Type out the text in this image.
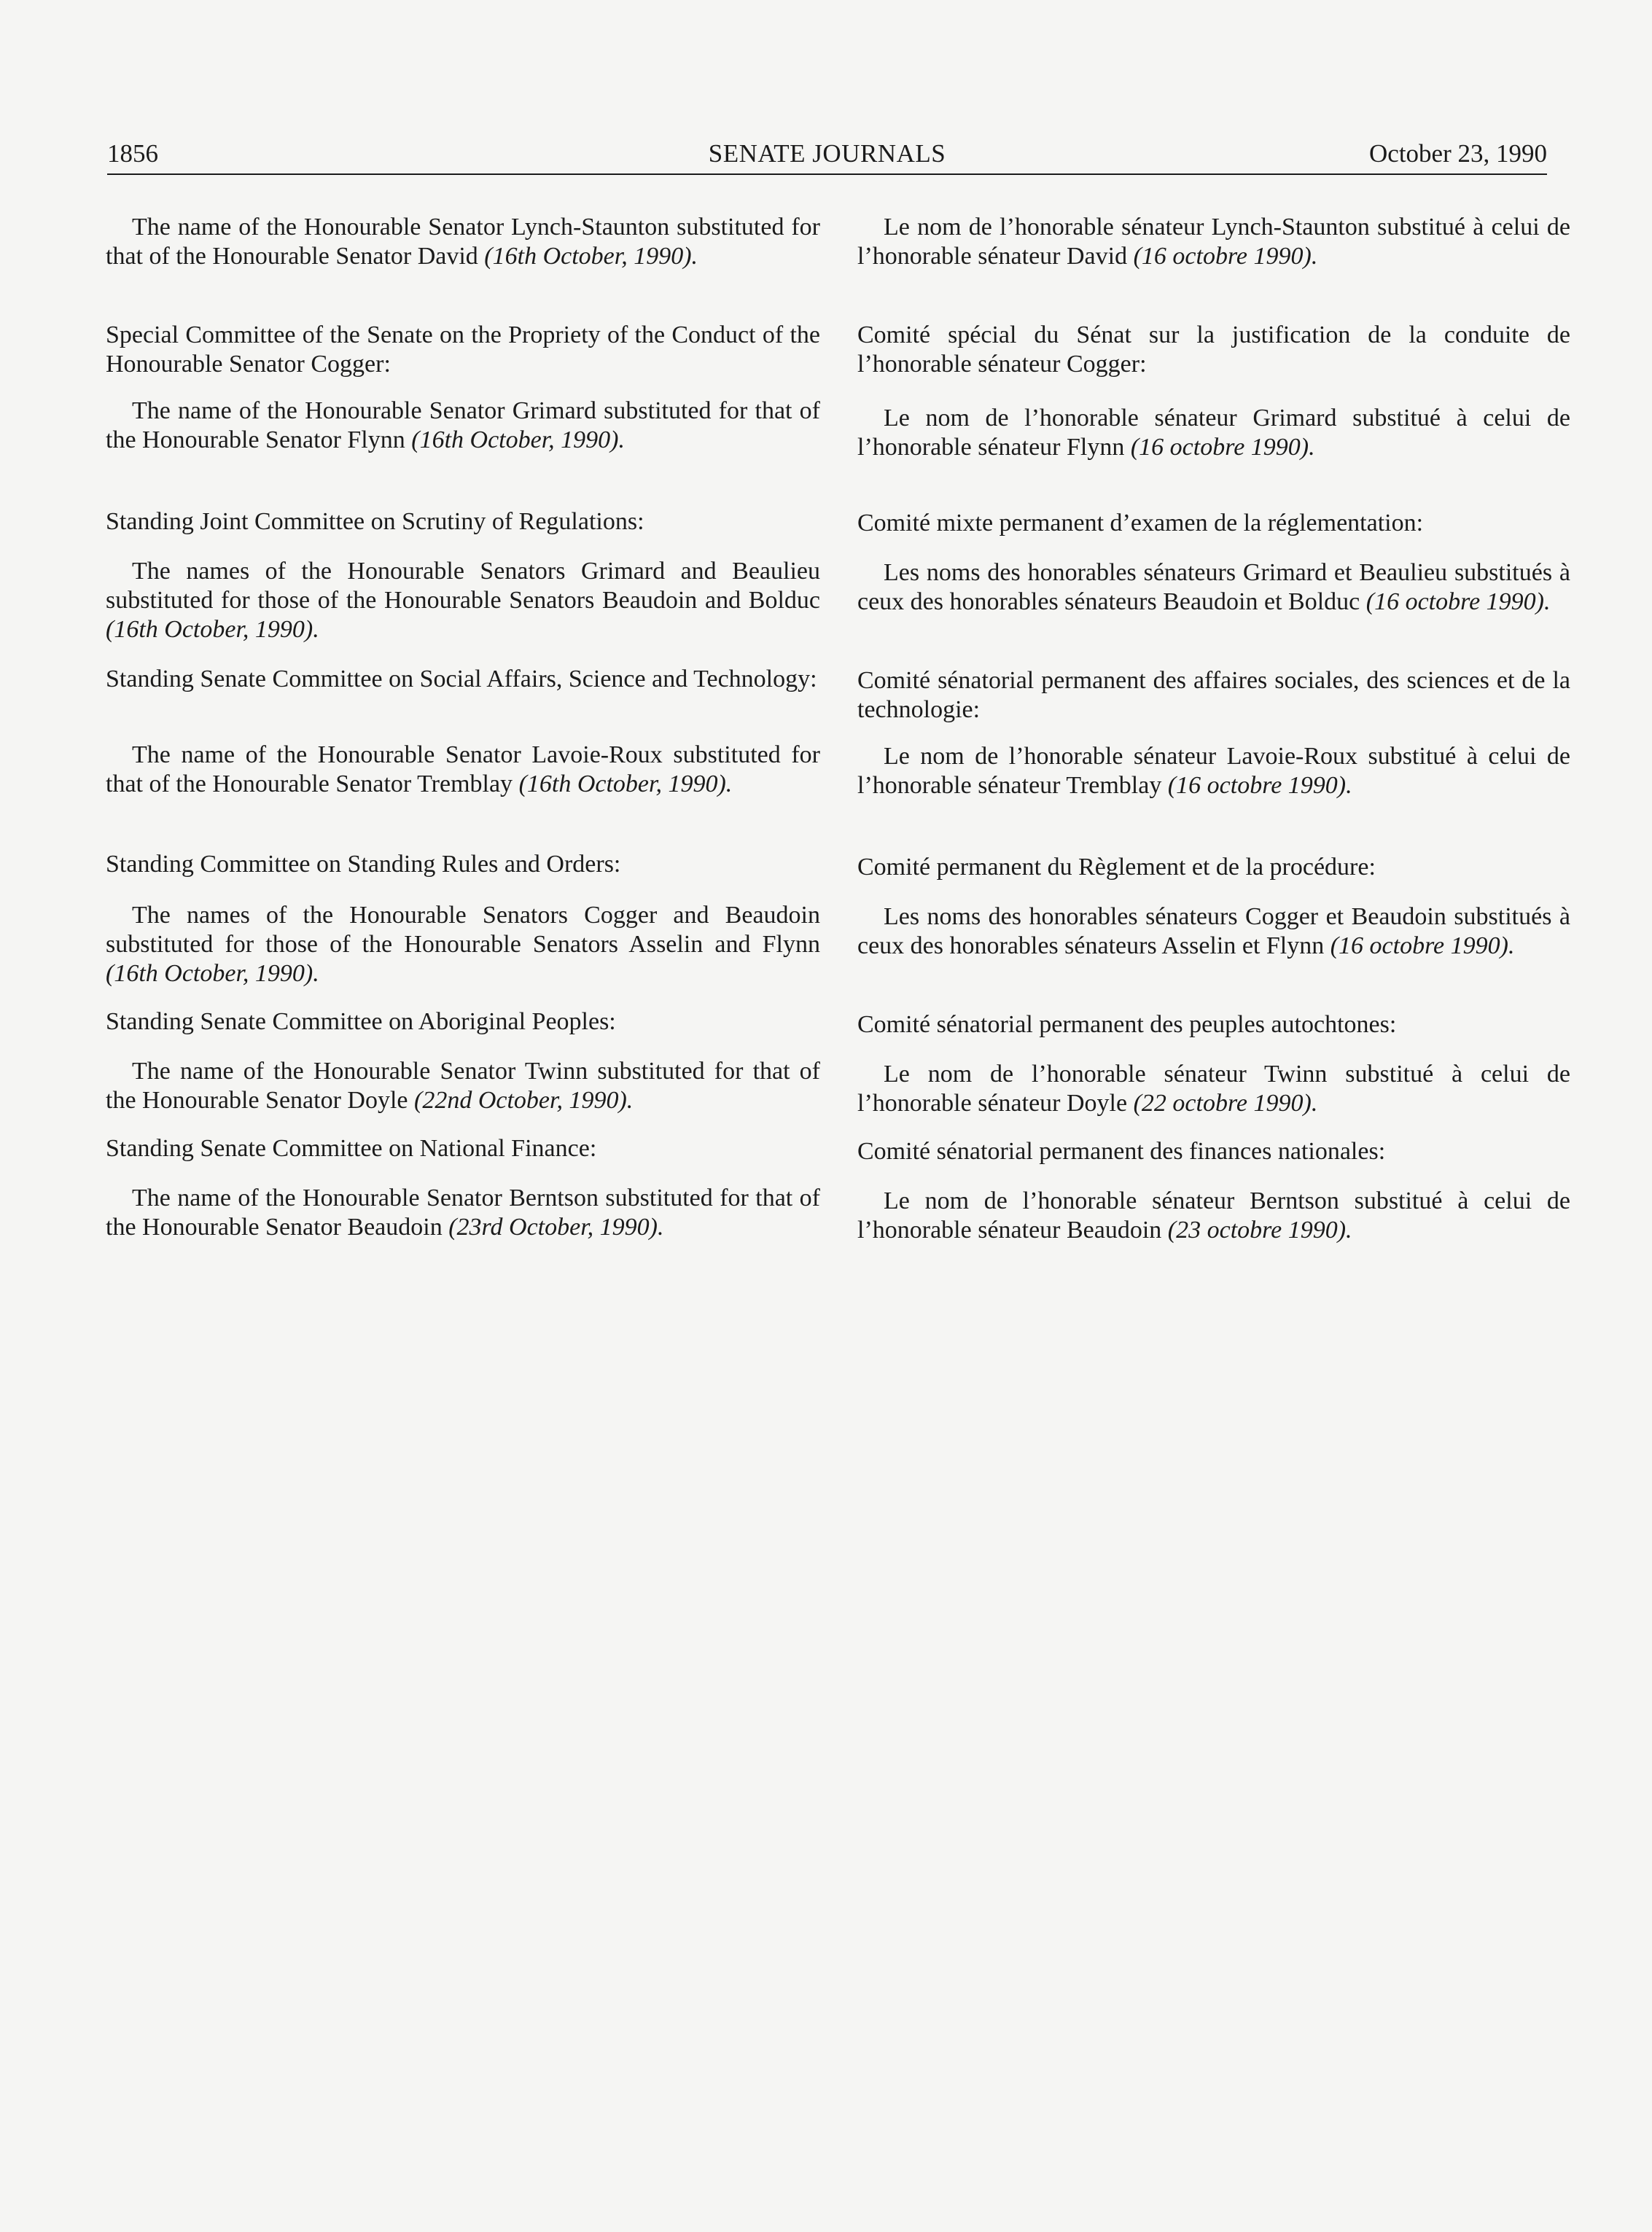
1856	SENATE JOURNALS	October 23, 1990

The name of the Honourable Senator Lynch-Staunton substituted for that of the Honourable Senator David (16th October, 1990).

Special Committee of the Senate on the Propriety of the Conduct of the Honourable Senator Cogger:

The name of the Honourable Senator Grimard substituted for that of the Honourable Senator Flynn (16th October, 1990).

Standing Joint Committee on Scrutiny of Regulations:

The names of the Honourable Senators Grimard and Beaulieu substituted for those of the Honourable Senators Beaudoin and Bolduc (16th October, 1990).

Standing Senate Committee on Social Affairs, Science and Technology:

The name of the Honourable Senator Lavoie-Roux substituted for that of the Honourable Senator Tremblay (16th October, 1990).

Standing Committee on Standing Rules and Orders:

The names of the Honourable Senators Cogger and Beaudoin substituted for those of the Honourable Senators Asselin and Flynn (16th October, 1990).

Standing Senate Committee on Aboriginal Peoples:

The name of the Honourable Senator Twinn substituted for that of the Honourable Senator Doyle (22nd October, 1990).

Standing Senate Committee on National Finance:

The name of the Honourable Senator Berntson substituted for that of the Honourable Senator Beaudoin (23rd October, 1990).

Le nom de l’honorable sénateur Lynch-Staunton substitué à celui de l’honorable sénateur David (16 octobre 1990).

Comité spécial du Sénat sur la justification de la conduite de l’honorable sénateur Cogger:

Le nom de l’honorable sénateur Grimard substitué à celui de l’honorable sénateur Flynn (16 octobre 1990).

Comité mixte permanent d’examen de la réglementation:

Les noms des honorables sénateurs Grimard et Beaulieu substitués à ceux des honorables sénateurs Beaudoin et Bolduc (16 octobre 1990).

Comité sénatorial permanent des affaires sociales, des sciences et de la technologie:

Le nom de l’honorable sénateur Lavoie-Roux substitué à celui de l’honorable sénateur Tremblay (16 octobre 1990).

Comité permanent du Règlement et de la procédure:

Les noms des honorables sénateurs Cogger et Beaudoin substitués à ceux des honorables sénateurs Asselin et Flynn (16 octobre 1990).

Comité sénatorial permanent des peuples autochtones:

Le nom de l’honorable sénateur Twinn substitué à celui de l’honorable sénateur Doyle (22 octobre 1990).

Comité sénatorial permanent des finances nationales:

Le nom de l’honorable sénateur Berntson substitué à celui de l’honorable sénateur Beaudoin (23 octobre 1990).
